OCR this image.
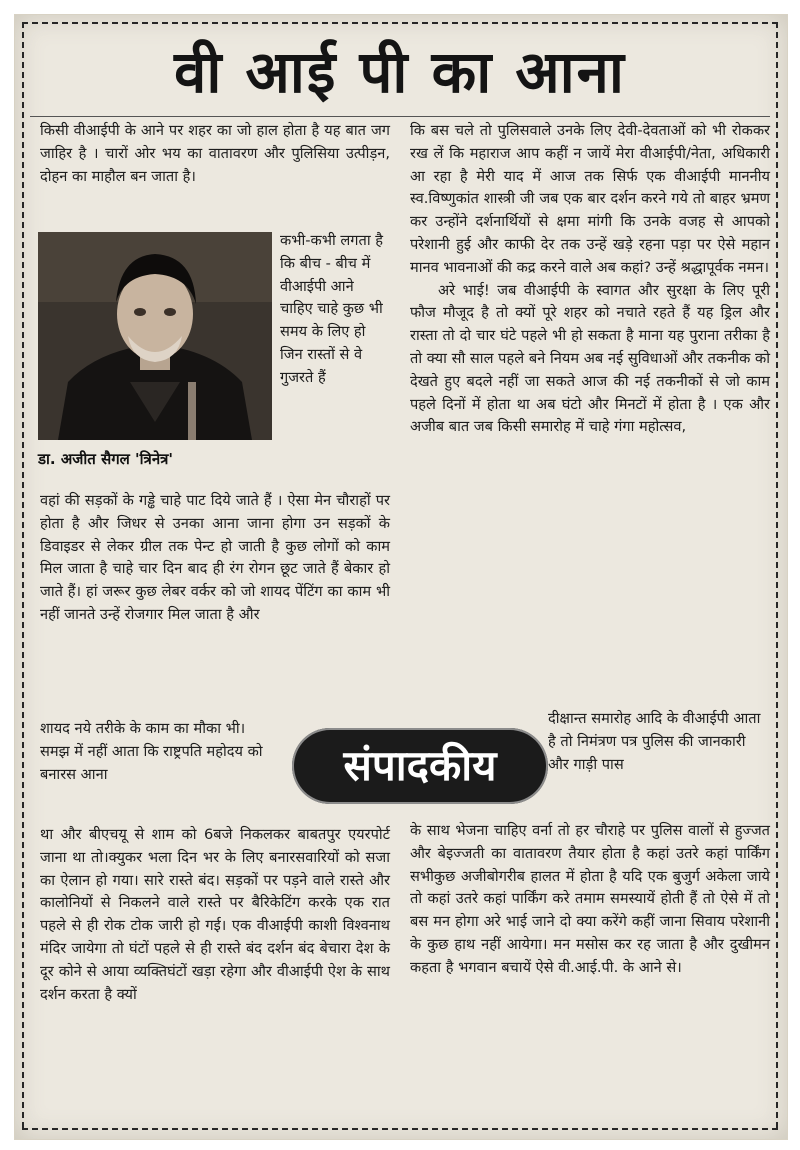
वी आई पी का आना

किसी वीआईपी के आने पर शहर का जो हाल होता है यह बात जग जाहिर है । चारों ओर भय का वातावरण और पुलिसिया उत्पीड़न, दोहन का माहौल बन जाता है।

कभी-कभी लगता है कि बीच - बीच में वीआईपी आने चाहिए चाहे कुछ भी समय के लिए हो जिन रास्तों से वे गुजरते हैं

डा. अजीत सैगल 'त्रिनेत्र'

वहां की सड़कों के गड्ढे चाहे पाट दिये जाते हैं । ऐसा मेन चौराहों पर होता है और जिधर से उनका आना जाना होगा उन सड़कों के डिवाइडर से लेकर ग्रील तक पेन्ट हो जाती है कुछ लोगों को काम मिल जाता है चाहे चार दिन बाद ही रंग रोगन छूट जाते हैं बेकार हो जाते हैं। हां जरूर कुछ लेबर वर्कर को जो शायद पेंटिंग का काम भी नहीं जानते उन्हें रोजगार मिल जाता है और

शायद नये तरीके के काम का मौका भी। समझ में नहीं आता कि राष्ट्रपति महोदय को बनारस आना

था और बीएचयू से शाम को 6बजे निकलकर बाबतपुर एयरपोर्ट जाना था तो।क्युकर भला दिन भर के लिए बनारसवारियों को सजा का ऐलान हो गया। सारे रास्ते बंद। सड़कों पर पड़ने वाले रास्ते और कालोनियों से निकलने वाले रास्ते पर बैरिकेटिंग करके एक रात पहले से ही रोक टोक जारी हो गई। एक वीआईपी काशी विश्वनाथ मंदिर जायेगा तो घंटों पहले से ही रास्ते बंद दर्शन बंद बेचारा देश के दूर कोने से आया व्यक्तिघंटों खड़ा रहेगा और वीआईपी ऐश के साथ दर्शन करता है क्यों

कि बस चले तो पुलिसवाले उनके लिए देवी-देवताओं को भी रोककर रख लें कि महाराज आप कहीं न जायें मेरा वीआईपी/नेता, अधिकारी आ रहा है मेरी याद में आज तक सिर्फ एक वीआईपी माननीय स्व.विष्णुकांत शास्त्री जी जब एक बार दर्शन करने गये तो बाहर भ्रमण कर उन्होंने दर्शनार्थियों से क्षमा मांगी कि उनके वजह से आपको परेशानी हुई और काफी देर तक उन्हें खड़े रहना पड़ा पर ऐसे महान मानव भावनाओं की कद्र करने वाले अब कहां? उन्हें श्रद्धापूर्वक नमन।

अरे भाई! जब वीआईपी के स्वागत और सुरक्षा के लिए पूरी फौज मौजूद है तो क्यों पूरे शहर को नचाते रहते हैं यह ड्रिल और रास्ता तो दो चार घंटे पहले भी हो सकता है माना यह पुराना तरीका है तो क्या सौ साल पहले बने नियम अब नई सुविधाओं और तकनीक को देखते हुए बदले नहीं जा सकते आज की नई तकनीकों से जो काम पहले दिनों में होता था अब घंटो और मिनटों में होता है । एक और अजीब बात जब किसी समारोह में चाहे गंगा महोत्सव,

संपादकीय

दीक्षान्त समारोह आदि के वीआईपी आता है तो निमंत्रण पत्र पुलिस की जानकारी और गाड़ी पास

के साथ भेजना चाहिए वर्ना तो हर चौराहे पर पुलिस वालों से हुज्जत और बेइज्जती का वातावरण तैयार होता है कहां उतरे कहां पार्किंग सभीकुछ अजीबोगरीब हालत में होता है यदि एक बुजुर्ग अकेला जाये तो कहां उतरे कहां पार्किंग करे तमाम समस्यायें होती हैं तो ऐसे में तो बस मन होगा अरे भाई जाने दो क्या करेंगे कहीं जाना सिवाय परेशानी के कुछ हाथ नहीं आयेगा। मन मसोस कर रह जाता है और दुखीमन कहता है भगवान बचायें ऐसे वी.आई.पी. के आने से।
